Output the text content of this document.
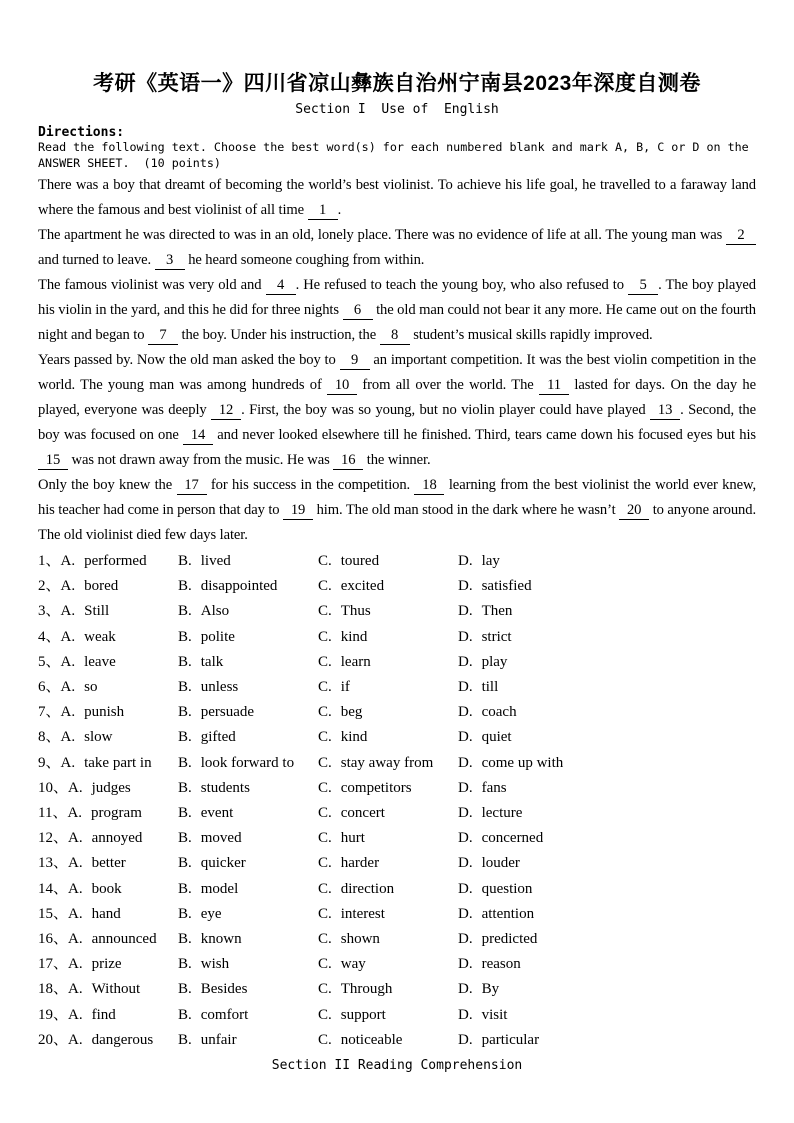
考研《英语一》四川省凉山彝族自治州宁南县2023年深度自测卷
Section I  Use of  English
Directions:
Read the following text. Choose the best word(s) for each numbered blank and mark A, B, C or D on the ANSWER SHEET.  (10 points)

There was a boy that dreamt of becoming the world’s best violinist. To achieve his life goal, he travelled to a faraway land where the famous and best violinist of all time 1 .

The apartment he was directed to was in an old, lonely place. There was no evidence of life at all. The young man was 2 and turned to leave. 3 he heard someone coughing from within.

The famous violinist was very old and 4 . He refused to teach the young boy, who also refused to 5 . The boy played his violin in the yard, and this he did for three nights 6 the old man could not bear it any more. He came out on the fourth night and began to 7 the boy. Under his instruction, the 8 student’s musical skills rapidly improved.

Years passed by. Now the old man asked the boy to 9 an important competition. It was the best violin competition in the world. The young man was among hundreds of 10 from all over the world. The 11 lasted for days. On the day he played, everyone was deeply 12 . First, the boy was so young, but no violin player could have played 13 . Second, the boy was focused on one 14 and never looked elsewhere till he finished. Third, tears came down his focused eyes but his 15 was not drawn away from the music. He was 16 the winner.

Only the boy knew the 17 for his success in the competition. 18 learning from the best violinist the world ever knew, his teacher had come in person that day to 19 him. The old man stood in the dark where he wasn’t 20 to anyone around. The old violinist died few days later.

1、A. performed	B. lived	C. toured	D. lay
2、A. bored	B. disappointed	C. excited	D. satisfied
3、A. Still	B. Also	C. Thus	D. Then
4、A. weak	B. polite	C. kind	D. strict
5、A. leave	B. talk	C. learn	D. play
6、A. so	B. unless	C. if	D. till
7、A. punish	B. persuade	C. beg	D. coach
8、A. slow	B. gifted	C. kind	D. quiet
9、A. take part in	B. look forward to	C. stay away from	D. come up with
10、A. judges	B. students	C. competitors	D. fans
11、A. program	B. event	C. concert	D. lecture
12、A. annoyed	B. moved	C. hurt	D. concerned
13、A. better	B. quicker	C. harder	D. louder
14、A. book	B. model	C. direction	D. question
15、A. hand	B. eye	C. interest	D. attention
16、A. announced	B. known	C. shown	D. predicted
17、A. prize	B. wish	C. way	D. reason
18、A. Without	B. Besides	C. Through	D. By
19、A. find	B. comfort	C. support	D. visit
20、A. dangerous	B. unfair	C. noticeable	D. particular
Section II Reading Comprehension
